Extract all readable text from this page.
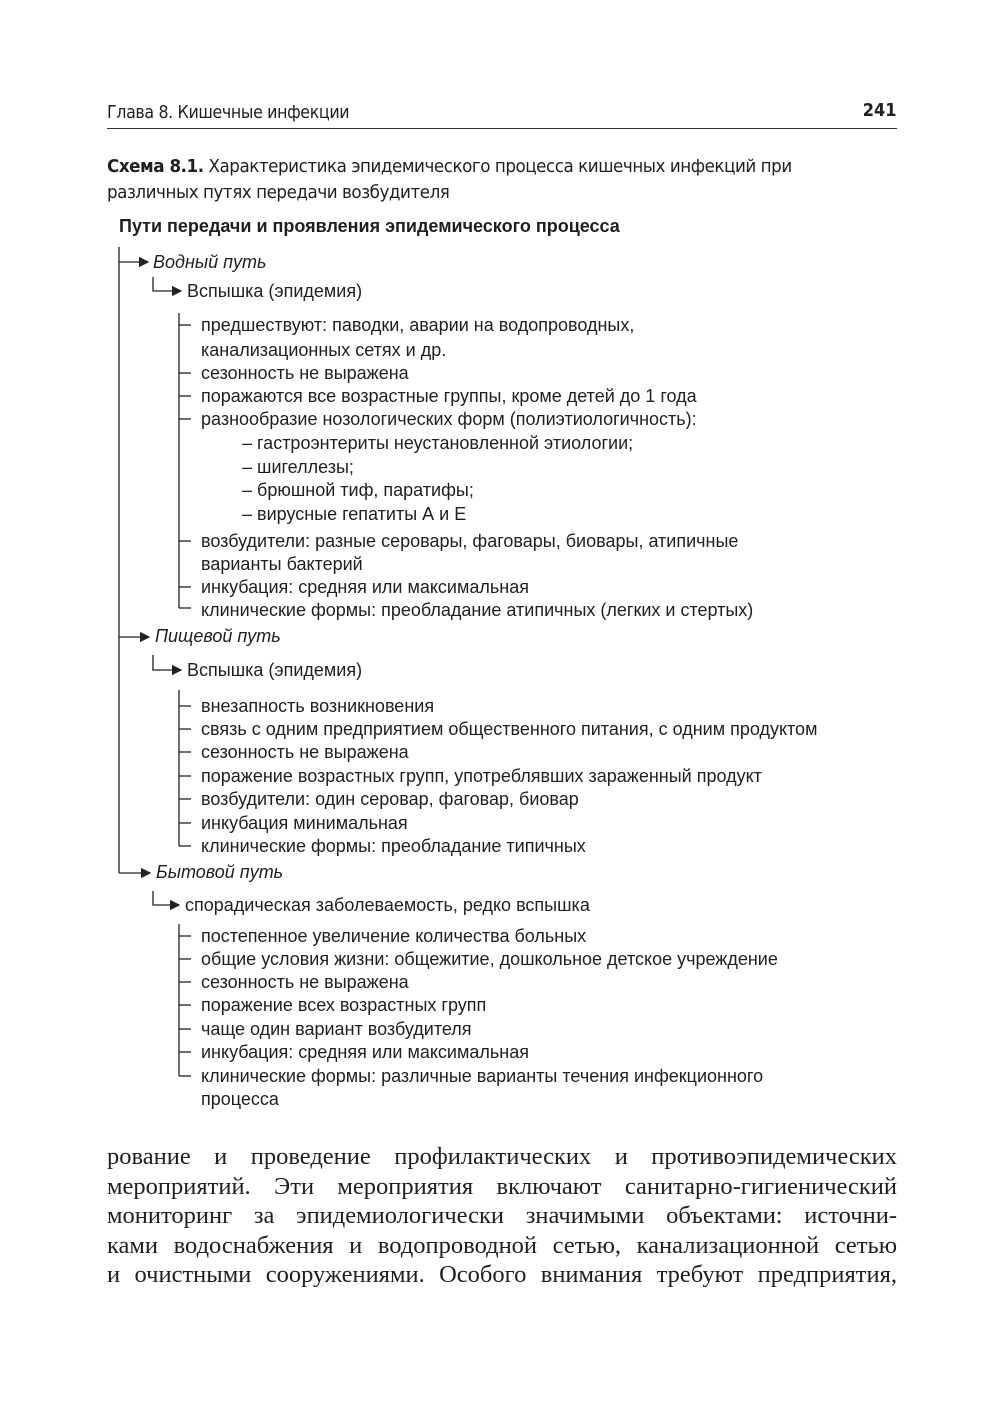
Глава 8. Кишечные инфекции	241
Схема 8.1. Характеристика эпидемического процесса кишечных инфекций при
различных путях передачи возбудителя
Пути передачи и проявления эпидемического процесса
Водный путь
Вспышка (эпидемия)
предшествуют: паводки, аварии на водопроводных,
канализационных сетях и др.
сезонность не выражена
поражаются все возрастные группы, кроме детей до 1 года
разнообразие нозологических форм (полиэтиологичность):
– гастроэнтериты неустановленной этиологии;
– шигеллезы;
– брюшной тиф, паратифы;
– вирусные гепатиты А и Е
возбудители: разные серовары, фаговары, биовары, атипичные
варианты бактерий
инкубация: средняя или максимальная
клинические формы: преобладание атипичных (легких и стертых)
Пищевой путь
Вспышка (эпидемия)
внезапность возникновения
связь с одним предприятием общественного питания, с одним продуктом
сезонность не выражена
поражение возрастных групп, употреблявших зараженный продукт
возбудители: один серовар, фаговар, биовар
инкубация минимальная
клинические формы: преобладание типичных
Бытовой путь
спорадическая заболеваемость, редко вспышка
постепенное увеличение количества больных
общие условия жизни: общежитие, дошкольное детское учреждение
сезонность не выражена
поражение всех возрастных групп
чаще один вариант возбудителя
инкубация: средняя или максимальная
клинические формы: различные варианты течения инфекционного
процесса
рование и проведение профилактических и противоэпидемических
мероприятий. Эти мероприятия включают санитарно-гигиенический
мониторинг за эпидемиологически значимыми объектами: источни-
ками водоснабжения и водопроводной сетью, канализационной сетью
и очистными сооружениями. Особого внимания требуют предприятия,
